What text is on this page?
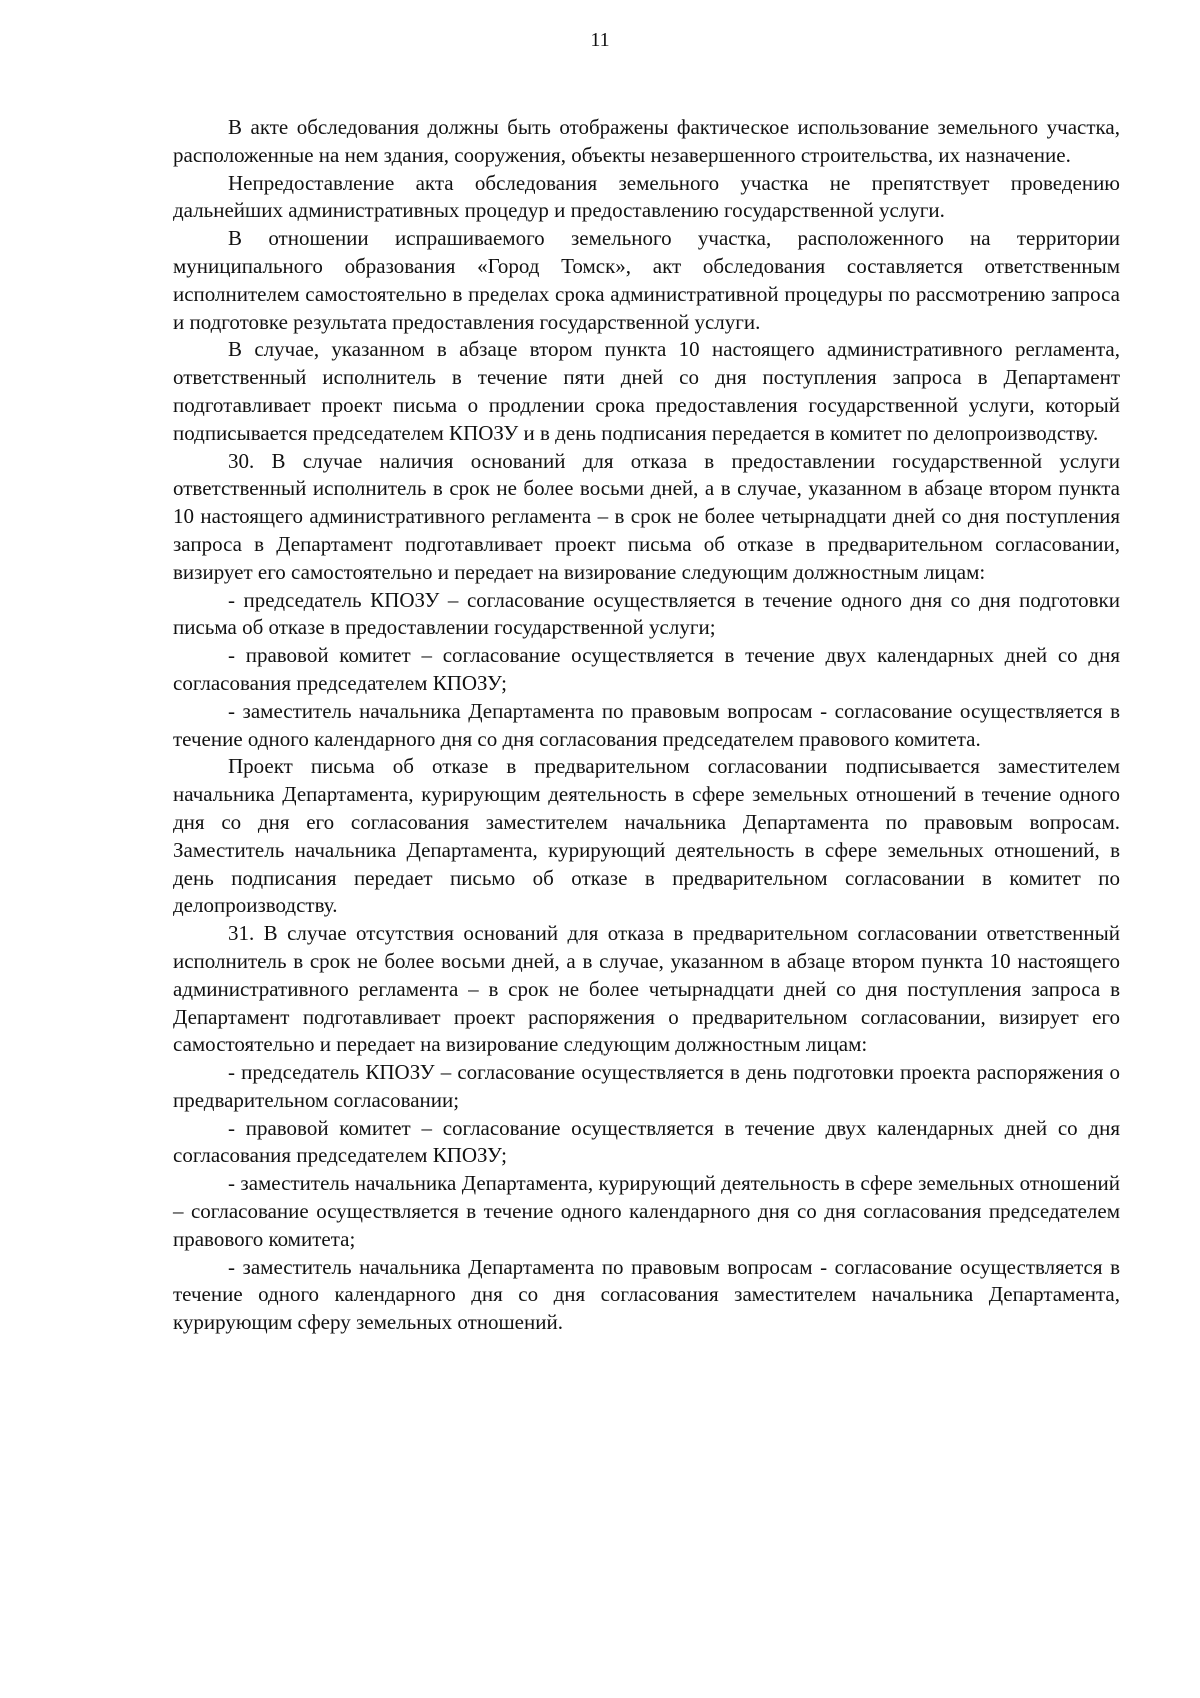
11

В акте обследования должны быть отображены фактическое использование земельного участка, расположенные на нем здания, сооружения, объекты незавершенного строительства, их назначение.

Непредоставление акта обследования земельного участка не препятствует проведению дальнейших административных процедур и предоставлению государственной услуги.

В отношении испрашиваемого земельного участка, расположенного на территории муниципального образования «Город Томск», акт обследования составляется ответственным исполнителем самостоятельно в пределах срока административной процедуры по рассмотрению запроса и подготовке результата предоставления государственной услуги.

В случае, указанном в абзаце втором пункта 10 настоящего административного регламента, ответственный исполнитель в течение пяти дней со дня поступления запроса в Департамент подготавливает проект письма о продлении срока предоставления государственной услуги, который подписывается председателем КПОЗУ и в день подписания передается в комитет по делопроизводству.

30. В случае наличия оснований для отказа в предоставлении государственной услуги ответственный исполнитель в срок не более восьми дней, а в случае, указанном в абзаце втором пункта 10 настоящего административного регламента – в срок не более четырнадцати дней со дня поступления запроса в Департамент подготавливает проект письма об отказе в предварительном согласовании, визирует его самостоятельно и передает на визирование следующим должностным лицам:

- председатель КПОЗУ – согласование осуществляется в течение одного дня со дня подготовки письма об отказе в предоставлении государственной услуги;

- правовой комитет – согласование осуществляется в течение двух календарных дней со дня согласования председателем КПОЗУ;

- заместитель начальника Департамента по правовым вопросам - согласование осуществляется в течение одного календарного дня со дня согласования председателем правового комитета.

Проект письма об отказе в предварительном согласовании подписывается заместителем начальника Департамента, курирующим деятельность в сфере земельных отношений в течение одного дня со дня его согласования заместителем начальника Департамента по правовым вопросам. Заместитель начальника Департамента, курирующий деятельность в сфере земельных отношений, в день подписания передает письмо об отказе в предварительном согласовании в комитет по делопроизводству.

31. В случае отсутствия оснований для отказа в предварительном согласовании ответственный исполнитель в срок не более восьми дней, а в случае, указанном в абзаце втором пункта 10 настоящего административного регламента – в срок не более четырнадцати дней со дня поступления запроса в Департамент подготавливает проект распоряжения о предварительном согласовании, визирует его самостоятельно и передает на визирование следующим должностным лицам:

- председатель КПОЗУ – согласование осуществляется в день подготовки проекта распоряжения о предварительном согласовании;

- правовой комитет – согласование осуществляется в течение двух календарных дней со дня согласования председателем КПОЗУ;

- заместитель начальника Департамента, курирующий деятельность в сфере земельных отношений – согласование осуществляется в течение одного календарного дня со дня согласования председателем правового комитета;

- заместитель начальника Департамента по правовым вопросам - согласование осуществляется в течение одного календарного дня со дня согласования заместителем начальника Департамента, курирующим сферу земельных отношений.
